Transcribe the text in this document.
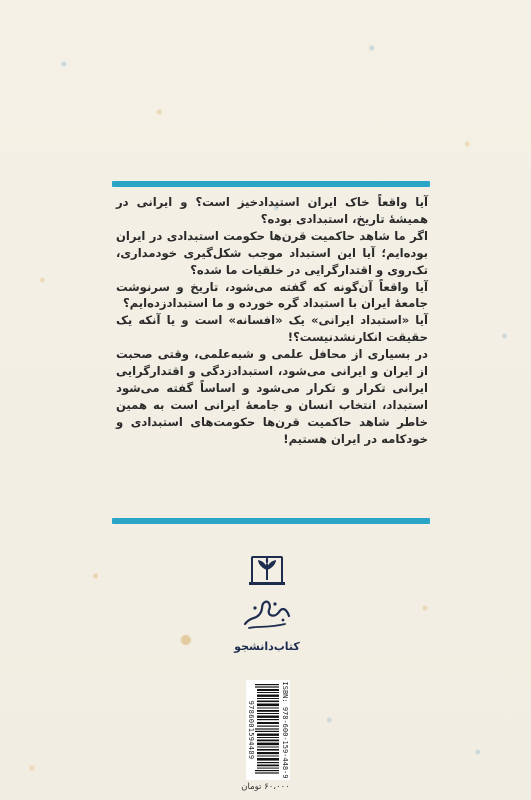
آیا واقعاً خاک ایران استبدادخیز است؟ و ایرانی در همیشهٔ تاریخ، استبدادی بوده؟

اگر ما شاهد حاکمیت قرن‌ها حکومت استبدادی در ایران بوده‌ایم؛ آیا این استبداد موجب شکل‌گیری خودمداری، تک‌روی و اقتدارگرایی در خلقیات ما شده؟

آیا واقعاً آن‌گونه که گفته می‌شود، تاریخ و سرنوشت جامعهٔ ایران با استبداد گره خورده و ما استبدادزده‌ایم؟

آیا «استبداد ایرانی» یک «افسانه» است و یا آنکه یک حقیقت انکارنشدنیست؟!

در بسیاری از محافل علمی و شبه‌علمی، وقتی صحبت از ایران و ایرانی می‌شود، استبدادزدگی و اقتدارگرایی ایرانی تکرار و تکرار می‌شود و اساساً گفته می‌شود استبداد، انتخاب انسان و جامعهٔ ایرانی است به همین خاطر شاهد حاکمیت قرن‌ها حکومت‌های استبدادی و خودکامه در ایران هستیم!

کتاب‌دانشجو
ISBN: 978-600-159-448-9
9786001594489
۶۰،۰۰۰ تومان
